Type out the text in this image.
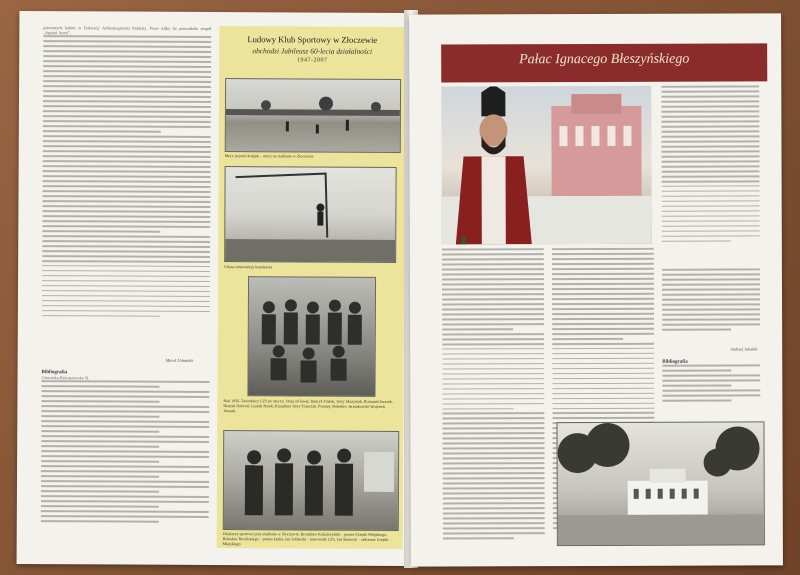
pierwszych kobiet w Federacji Archeologicznej Polskiej. Przez kilka lat prowadziła zespół „Szpital Arteri”.
Marek Urbański
Bibliografia
Głowacka-Pietraszewska B.
Ludowy Klub Sportowy w Złoczewie
obchodzi Jubileusz 60-lecia działalności
1947-2007
Mecz na polu kolejek – mecz na stadionie w Złoczewie
Udana interwencja bramkarza
Rok 1956. Zawodnicy LZS po meczu. Stoją od lewej: Henryk Ulatek, Jerzy Skrzyniak, Romuald Jurasek, Henryk Dziwoń, Leszek Barek, Klaudiusz Jerzy Tomczak. Poniżej: Bolesław Jermakowski Wojciech Jurasek.
Działacze sportowi przy stadionie w Złoczewie: Bronisław Kobalczyński – prezes Urzędu Miejskiego, Bolesław Rocińskiego – prezes klubu, Jan Sobierski – kierownik LZS, Jan Skórecki – sekretarz Urzędu Miejskiego
Pałac Ignacego Błeszyńskiego
Andrzej Jakubik
Bibliografia
